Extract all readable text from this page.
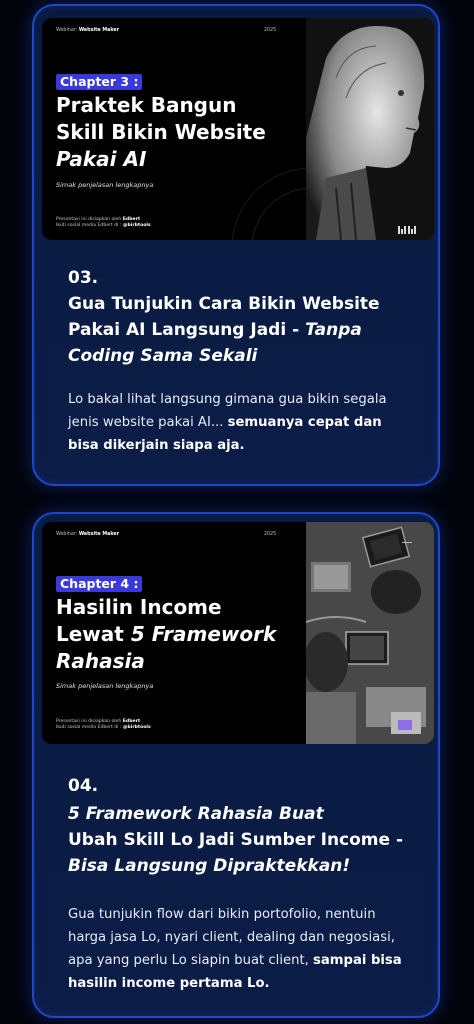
Webinar: Website Maker	2025
Chapter 3 :
Praktek Bangun
Skill Bikin Website
Pakai AI
Simak penjelasan lengkapnya
Presentasi ini disiapkan oleh Edbert
Ikuti sosial media Edbert di : @birbtools
03.
Gua Tunjukin Cara Bikin Website
Pakai AI Langsung Jadi - Tanpa
Coding Sama Sekali
Lo bakal lihat langsung gimana gua bikin segala jenis website pakai AI... semuanya cepat dan bisa dikerjain siapa aja.
Webinar: Website Maker	2025
Chapter 4 :
Hasilin Income
Lewat 5 Framework
Rahasia
Simak penjelasan lengkapnya
Presentasi ini disiapkan oleh Edbert
Ikuti sosial media Edbert di : @birbtools
04.
5 Framework Rahasia Buat
Ubah Skill Lo Jadi Sumber Income -
Bisa Langsung Dipraktekkan!
Gua tunjukin flow dari bikin portofolio, nentuin harga jasa Lo, nyari client, dealing dan negosiasi, apa yang perlu Lo siapin buat client, sampai bisa hasilin income pertama Lo.
